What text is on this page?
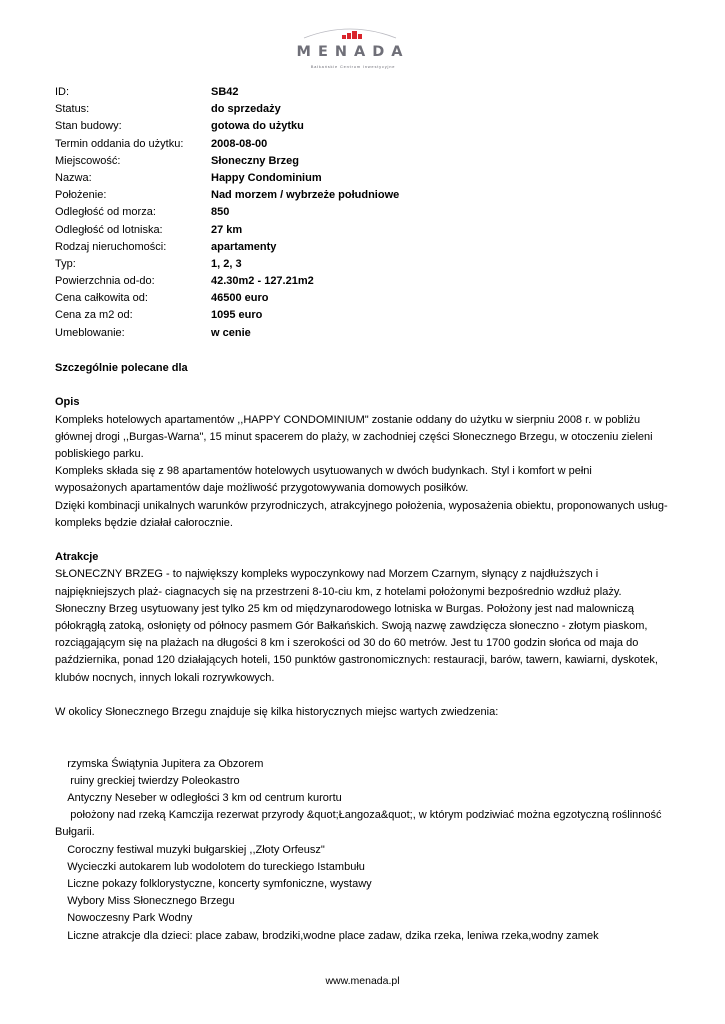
MENADA
Bałkańskie Centrum Inwestycyjne
ID:	SB42
Status:	do sprzedaży
Stan budowy:	gotowa do użytku
Termin oddania do użytku:	2008-08-00
Miejscowość:	Słoneczny Brzeg
Nazwa:	Happy Condominium
Położenie:	Nad morzem / wybrzeże południowe
Odległość od morza:	850
Odległość od lotniska:	27 km
Rodzaj nieruchomości:	apartamenty
Typ:	1, 2, 3
Powierzchnia od-do:	42.30m2 - 127.21m2
Cena całkowita od:	46500 euro
Cena za m2 od:	1095 euro
Umeblowanie:	w cenie
Szczególnie polecane dla
Opis
Kompleks hotelowych apartamentów ,,HAPPY CONDOMINIUM" zostanie oddany do użytku w sierpniu 2008 r. w pobliżu
głównej drogi ,,Burgas-Warna", 15 minut spacerem do plaży, w zachodniej części Słonecznego Brzegu, w otoczeniu zieleni
pobliskiego parku.
Kompleks składa się z 98 apartamentów hotelowych usytuowanych w dwóch budynkach. Styl i komfort w pełni
wyposażonych apartamentów daje możliwość przygotowywania domowych posiłków.
Dzięki kombinacji unikalnych warunków przyrodniczych, atrakcyjnego położenia, wyposażenia obiektu, proponowanych usług-
kompleks będzie działał całorocznie.
Atrakcje
SŁONECZNY BRZEG - to największy kompleks wypoczynkowy nad Morzem Czarnym, słynący z najdłuższych i
najpiękniejszych plaż- ciagnacych się na przestrzeni 8-10-ciu km, z hotelami położonymi bezpośrednio wzdłuż plaży.
Słoneczny Brzeg usytuowany jest tylko 25 km od międzynarodowego lotniska w Burgas. Położony jest nad malowniczą
półokrągłą zatoką, osłonięty od północy pasmem Gór Bałkańskich. Swoją nazwę zawdzięcza słoneczno - złotym piaskom,
rozciągającym się na plażach na długości 8 km i szerokości od 30 do 60 metrów. Jest tu 1700 godzin słońca od maja do
października, ponad 120 działających hoteli, 150 punktów gastronomicznych: restauracji, barów, tawern, kawiarni, dyskotek,
klubów nocnych, innych lokali rozrywkowych.
W okolicy Słonecznego Brzegu znajduje się kilka historycznych miejsc wartych zwiedzenia:
rzymska Świątynia Jupitera za Obzorem
ruiny greckiej twierdzy Poleokastro
Antyczny Neseber w odległości 3 km od centrum kurortu
położony nad rzeką Kamczija rezerwat przyrody &quot;Łangoza&quot;, w którym podziwiać można egzotyczną roślinność
Bułgarii.
Coroczny festiwal muzyki bułgarskiej ,,Złoty Orfeusz"
Wycieczki autokarem lub wodolotem do tureckiego Istambułu
Liczne pokazy folklorystyczne, koncerty symfoniczne, wystawy
Wybory Miss Słonecznego Brzegu
Nowoczesny Park Wodny
Liczne atrakcje dla dzieci: place zabaw, brodziki,wodne place zadaw, dzika rzeka, leniwa rzeka,wodny zamek
www.menada.pl
